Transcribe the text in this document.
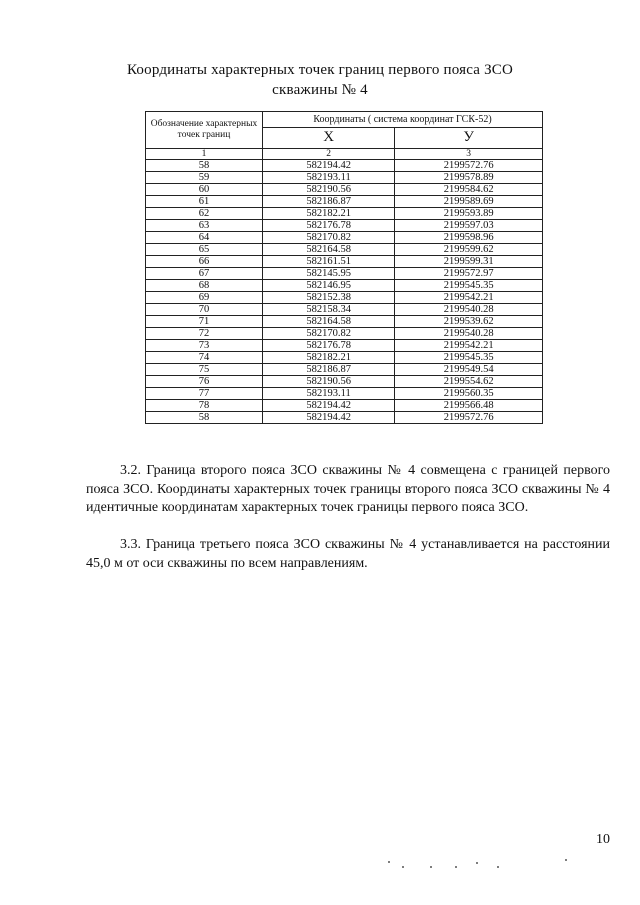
Координаты характерных точек границ первого пояса ЗСО
скважины № 4
Обозначение характерных точек границ	Координаты ( система координат ГСК-52)	
	X	У
1	2	3
58	582194.42	2199572.76
59	582193.11	2199578.89
60	582190.56	2199584.62
61	582186.87	2199589.69
62	582182.21	2199593.89
63	582176.78	2199597.03
64	582170.82	2199598.96
65	582164.58	2199599.62
66	582161.51	2199599.31
67	582145.95	2199572.97
68	582146.95	2199545.35
69	582152.38	2199542.21
70	582158.34	2199540.28
71	582164.58	2199539.62
72	582170.82	2199540.28
73	582176.78	2199542.21
74	582182.21	2199545.35
75	582186.87	2199549.54
76	582190.56	2199554.62
77	582193.11	2199560.35
78	582194.42	2199566.48
58	582194.42	2199572.76
3.2. Граница второго пояса ЗСО скважины № 4 совмещена с границей первого пояса ЗСО. Координаты характерных точек границы второго пояса ЗСО скважины № 4 идентичные координатам характерных точек границы первого пояса ЗСО.
3.3. Граница третьего пояса ЗСО скважины № 4 устанавливается на расстоянии 45,0 м от оси скважины по всем направлениям.
10
